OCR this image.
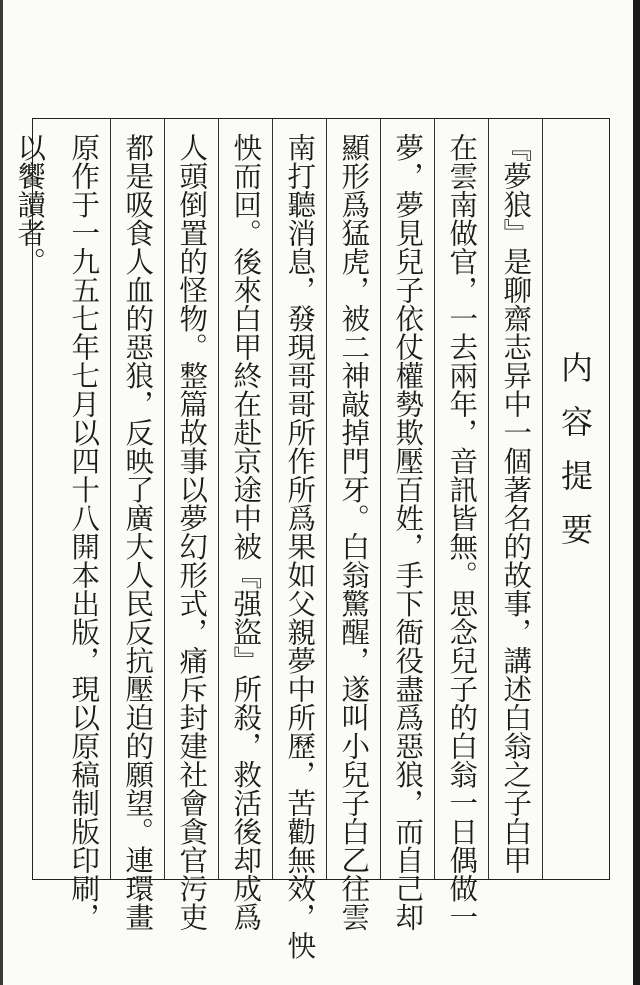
内容提要
『夢狼』是聊齋志异中一個著名的故事，講述白翁之子白甲
在雲南做官，一去兩年，音訊皆無。思念兒子的白翁一日偶做一
夢，夢見兒子依仗權勢欺壓百姓，手下衙役盡爲惡狼，而自己却
顯形爲猛虎，被二神敲掉門牙。白翁驚醒，遂叫小兒子白乙往雲
南打聽消息，發現哥哥所作所爲果如父親夢中所歷，苦勸無效，怏
怏而回。後來白甲終在赴京途中被『强盜』所殺，救活後却成爲
人頭倒置的怪物。整篇故事以夢幻形式，痛斥封建社會貪官污吏
都是吸食人血的惡狼，反映了廣大人民反抗壓迫的願望。連環畫
原作于一九五七年七月以四十八開本出版，現以原稿制版印刷，
以饗讀者。
